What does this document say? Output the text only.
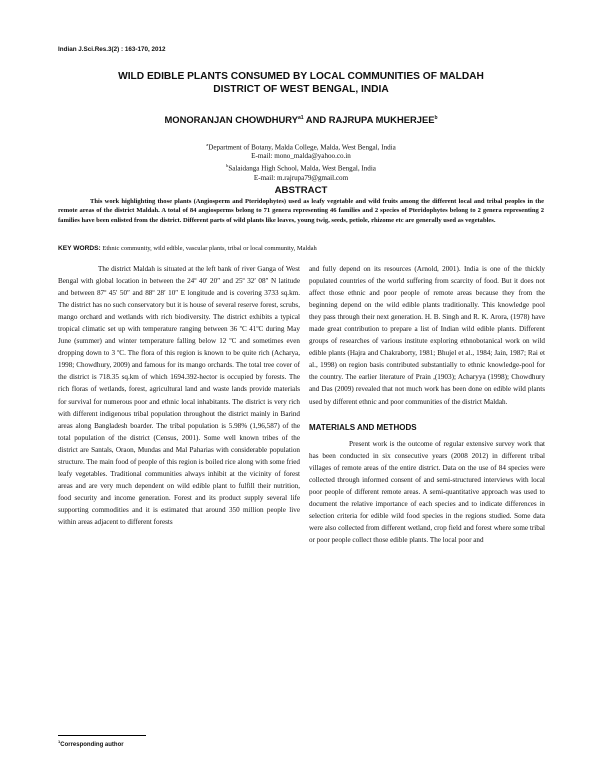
Indian J.Sci.Res.3(2) : 163-170, 2012
WILD EDIBLE PLANTS CONSUMED BY LOCAL COMMUNITIES OF MALDAH
DISTRICT OF WEST BENGAL, INDIA
MONORANJAN $CHOWDHURY^{a1}$ AND RAJRUPA MUKHERJEE$^b$
$^a$Department of Botany, Malda College, Malda, West Bengal, India
E-mail: mono_malda@yahoo.co.in
$^b$Salaidanga High School, Malda, West Bengal, India
E-mail: m.rajrupa79@gmail.com
ABSTRACT

This work highlighting those plants (Angiosperm and Pteridophytes) used as leafy vegetable and wild fruits among the different local and tribal peoples in the remote areas of the district Maldah. A total of 84 angiosperms belong to 71 genera representing 46 families and 2 species of Pteridophytes belong to 2 genera representing 2 families have been enlisted from the district. Different parts of wild plants like leaves, young twig, seeds, petiole, rhizome etc are generally used as vegetables.

KEY WORDS: Ethnic community, wild edible, vascular plants, tribal or local community, Maldah

The district Maldah is situated at the left bank of river Ganga of West Bengal with global location in between the 24º 40′ 20″ and 25º 32′ 08″ N latitude and between 87º 45′ 50″ and 88º 28′ 10″ E longitude and is covering 3733 sq.km. The district has no such conservatory but it is house of several reserve forest, scrubs, mango orchard and wetlands with rich biodiversity. The district exhibits a typical tropical climatic set up with temperature ranging between 36 ºC 41ºC during May June (summer) and winter temperature falling below 12 ºC and sometimes even dropping down to 3 ºC. The flora of this region is known to be quite rich (Acharya, 1998; Chowdhury, 2009) and famous for its mango orchards. The total tree cover of the district is 718.35 sq.km of which 1694.392-hector is occupied by forests. The rich floras of wetlands, forest, agricultural land and waste lands provide materials for survival for numerous poor and ethnic local inhabitants. The district is very rich with different indigenous tribal population throughout the district mainly in Barind areas along Bangladesh boarder. The tribal population is 5.98% (1,96,587) of the total population of the district (Census, 2001). Some well known tribes of the district are Santals, Oraon, Mundas and Mal Paharias with considerable population structure. The main food of people of this region is boiled rice along with some fried leafy vegetables. Traditional communities always inhibit at the vicinity of forest areas and are very much dependent on wild edible plant to fulfill their nutrition, food security and income generation. Forest and its product supply several life supporting commodities and it is estimated that around 350 million people live within areas adjacent to different forests

and fully depend on its resources (Arnold, 2001). India is one of the thickly populated countries of the world suffering from scarcity of food. But it does not affect those ethnic and poor people of remote areas because they from the beginning depend on the wild edible plants traditionally. This knowledge pool they pass through their next generation. H. B. Singh and R. K. Arora, (1978) have made great contribution to prepare a list of Indian wild edible plants. Different groups of researches of various institute exploring ethnobotanical work on wild edible plants (Hajra and Chakraborty, 1981; Bhujel et al., 1984; Jain, 1987; Rai et al., 1998) on region basis contributed substantially to ethnic knowledge-pool for the country. The earlier literature of Prain ,(1903); Acharyya (1998); Chowdhury and Das (2009) revealed that not much work has been done on edible wild plants used by different ethnic and poor communities of the district Maldah.

MATERIALS AND METHODS

Present work is the outcome of regular extensive survey work that has been conducted in six consecutive years (2008 2012) in different tribal villages of remote areas of the entire district. Data on the use of 84 species were collected through informed consent of and semi-structured interviews with local poor people of different remote areas. A semi-quantitative approach was used to document the relative importance of each species and to indicate differences in selection criteria for edible wild food species in the regions studied. Some data were also collected from different wetland, crop field and forest where some tribal or poor people collect those edible plants. The local poor and

$^1$Corresponding author
